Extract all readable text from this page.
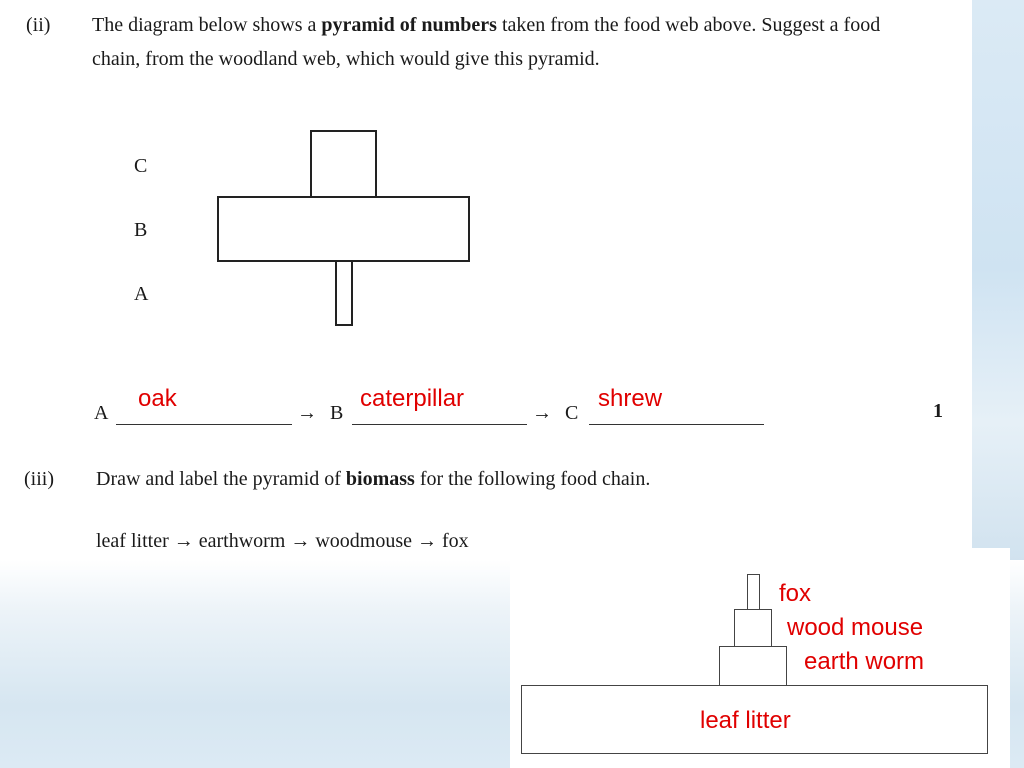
(ii) The diagram below shows a pyramid of numbers taken from the food web above. Suggest a food chain, from the woodland web, which would give this pyramid.
C
B
A
oak	caterpillar	shrew
A	→ B	→ C	1
(iii) Draw and label the pyramid of biomass for the following food chain.
leaf litter → earthworm → woodmouse → fox
fox
wood mouse
earth worm
leaf litter
